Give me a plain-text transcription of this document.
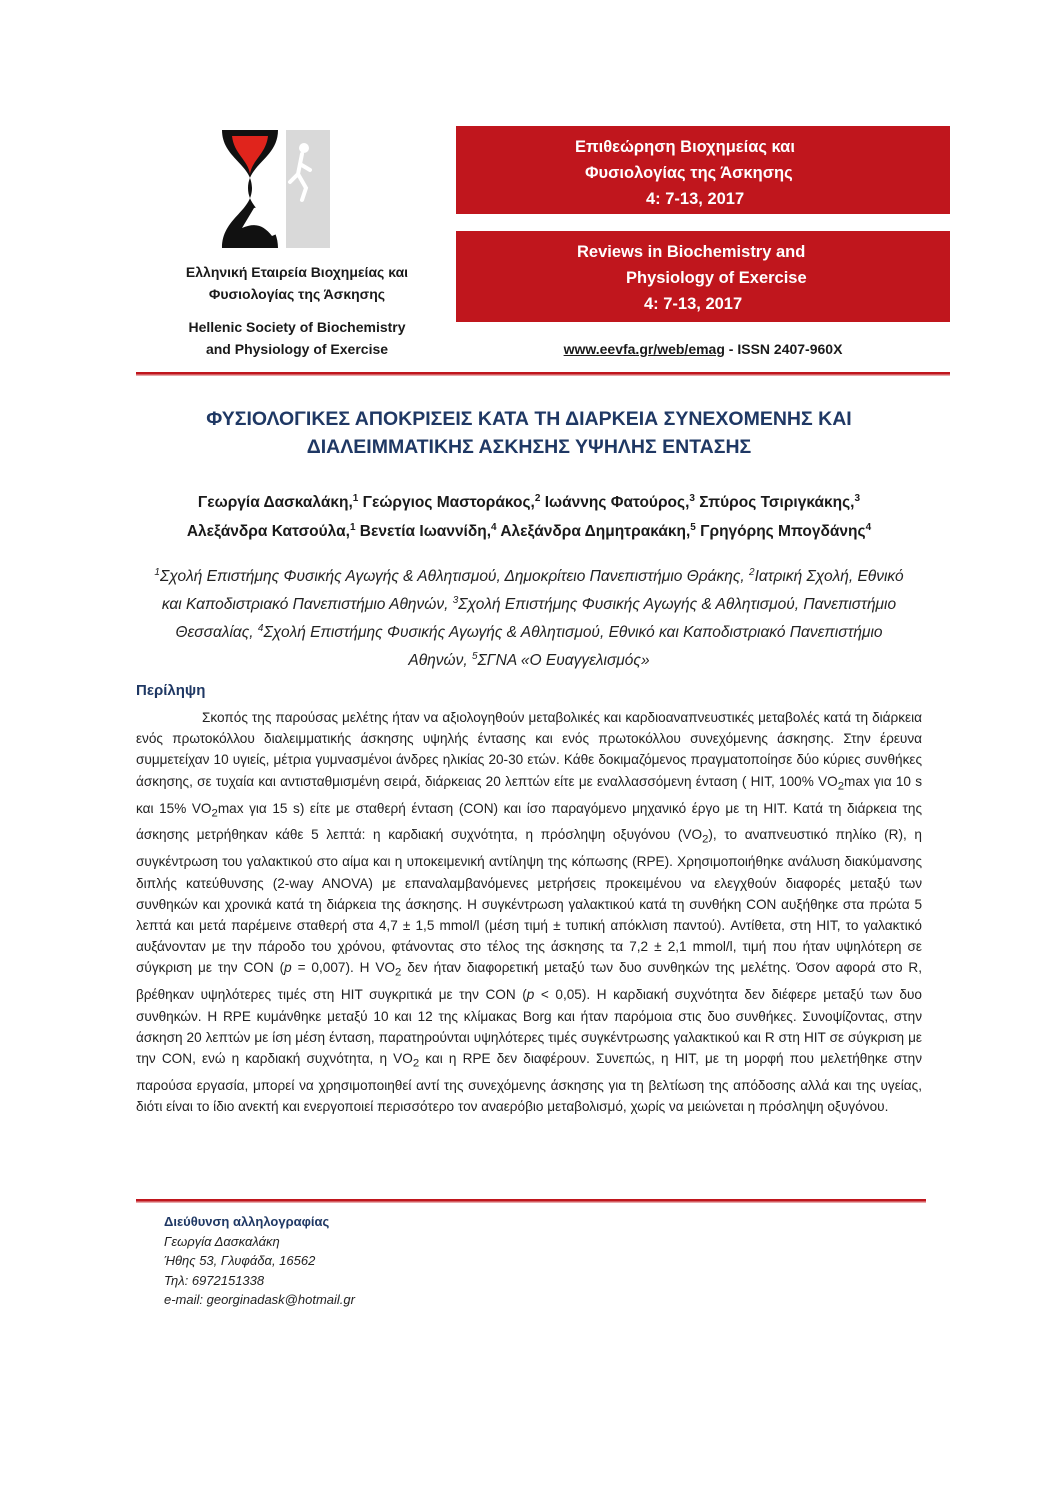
Ελληνική Εταιρεία Βιοχημείας και
Φυσιολογίας της Άσκησης
Hellenic Society of Biochemistry
and Physiology of Exercise
Επιθεώρηση Βιοχημείας και
Φυσιολογίας της Άσκησης
4: 7-13, 2017
Reviews in Biochemistry and
Physiology of Exercise
4: 7-13, 2017
www.eevfa.gr/web/emag - ISSN 2407-960X
ΦΥΣΙΟΛΟΓΙΚΕΣ ΑΠΟΚΡΙΣΕΙΣ ΚΑΤΑ ΤΗ ΔΙΑΡΚΕΙΑ ΣΥΝΕΧΟΜΕΝΗΣ ΚΑΙ
ΔΙΑΛΕΙΜΜΑΤΙΚΗΣ ΑΣΚΗΣΗΣ ΥΨΗΛΗΣ ΕΝΤΑΣΗΣ
Γεωργία Δασκαλάκη,$^1$ Γεώργιος Μαστοράκος,$^2$ Ιωάννης Φατούρος,$^3$ Σπύρος Τσιριγκάκης,$^3$
Αλεξάνδρα Κατσούλα,$^1$ Βενετία Ιωαννίδη,$^4$ Αλεξάνδρα Δημητρακάκη,$^5$ Γρηγόρης Μπογδάνης$^4$
$^1$Σχολή Επιστήμης Φυσικής Αγωγής & Αθλητισμού, Δημοκρίτειο Πανεπιστήμιο Θράκης, $^2$Ιατρική Σχολή, Εθνικό και Καποδιστριακό Πανεπιστήμιο Αθηνών, $^3$Σχολή Επιστήμης Φυσικής Αγωγής & Αθλητισμού, Πανεπιστήμιο Θεσσαλίας, $^4$Σχολή Επιστήμης Φυσικής Αγωγής & Αθλητισμού, Εθνικό και Καποδιστριακό Πανεπιστήμιο Αθηνών, $^5$ΣΓΝΑ «Ο Ευαγγελισμός»
Περίληψη

Σκοπός της παρούσας μελέτης ήταν να αξιολογηθούν μεταβολικές και καρδιοαναπνευστικές μεταβολές κατά τη διάρκεια ενός πρωτοκόλλου διαλειμματικής άσκησης υψηλής έντασης και ενός πρωτοκόλλου συνεχόμενης άσκησης. Στην έρευνα συμμετείχαν 10 υγιείς, μέτρια γυμνασμένοι άνδρες ηλικίας 20-30 ετών. Κάθε δοκιμαζόμενος πραγματοποίησε δύο κύριες συνθήκες άσκησης, σε τυχαία και αντισταθμισμένη σειρά, διάρκειας 20 λεπτών είτε με εναλλασσόμενη ένταση ( HIT, 100% $VO_2\max$ για 10 s και 15% $VO_2\max$ για 15 s) είτε με σταθερή ένταση (CON) και ίσο παραγόμενο μηχανικό έργο με τη HIT. Κατά τη διάρκεια της άσκησης μετρήθηκαν κάθε 5 λεπτά: η καρδιακή συχνότητα, η πρόσληψη οξυγόνου $(VO_2)$, το αναπνευστικό πηλίκο (R), η συγκέντρωση του γαλακτικού στο αίμα και η υποκειμενική αντίληψη της κόπωσης (RPE). Χρησιμοποιήθηκε ανάλυση διακύμανσης διπλής κατεύθυνσης (2-way ANOVA) με επαναλαμβανόμενες μετρήσεις προκειμένου να ελεγχθούν διαφορές μεταξύ των συνθηκών και χρονικά κατά τη διάρκεια της άσκησης. Η συγκέντρωση γαλακτικού κατά τη συνθήκη CON αυξήθηκε στα πρώτα 5 λεπτά και μετά παρέμεινε σταθερή στα 4,7 ± 1,5 mmol/l (μέση τιμή ± τυπική απόκλιση παντού). Αντίθετα, στη HIT, το γαλακτικό αυξάνονταν με την πάροδο του χρόνου, φτάνοντας στο τέλος της άσκησης τα 7,2 ± 2,1 mmol/l, τιμή που ήταν υψηλότερη σε σύγκριση με την CON (p = 0,007). Η $VO_2$ δεν ήταν διαφορετική μεταξύ των δυο συνθηκών της μελέτης. Όσον αφορά στο R, βρέθηκαν υψηλότερες τιμές στη HIT συγκριτικά με την CON (p < 0,05). Η καρδιακή συχνότητα δεν διέφερε μεταξύ των δυο συνθηκών. Η RPE κυμάνθηκε μεταξύ 10 και 12 της κλίμακας Borg και ήταν παρόμοια στις δυο συνθήκες. Συνοψίζοντας, στην άσκηση 20 λεπτών με ίση μέση ένταση, παρατηρούνται υψηλότερες τιμές συγκέντρωσης γαλακτικού και R στη HIT σε σύγκριση με την CON, ενώ η καρδιακή συχνότητα, η $VO_2$ και η RPE δεν διαφέρουν. Συνεπώς, η HIT, με τη μορφή που μελετήθηκε στην παρούσα εργασία, μπορεί να χρησιμοποιηθεί αντί της συνεχόμενης άσκησης για τη βελτίωση της απόδοσης αλλά και της υγείας, διότι είναι το ίδιο ανεκτή και ενεργοποιεί περισσότερο τον αναερόβιο μεταβολισμό, χωρίς να μειώνεται η πρόσληψη οξυγόνου.

Διεύθυνση αλληλογραφίας
Γεωργία Δασκαλάκη
Ήθης 53, Γλυφάδα, 16562
Τηλ: 6972151338
e-mail: georginadask@hotmail.gr
